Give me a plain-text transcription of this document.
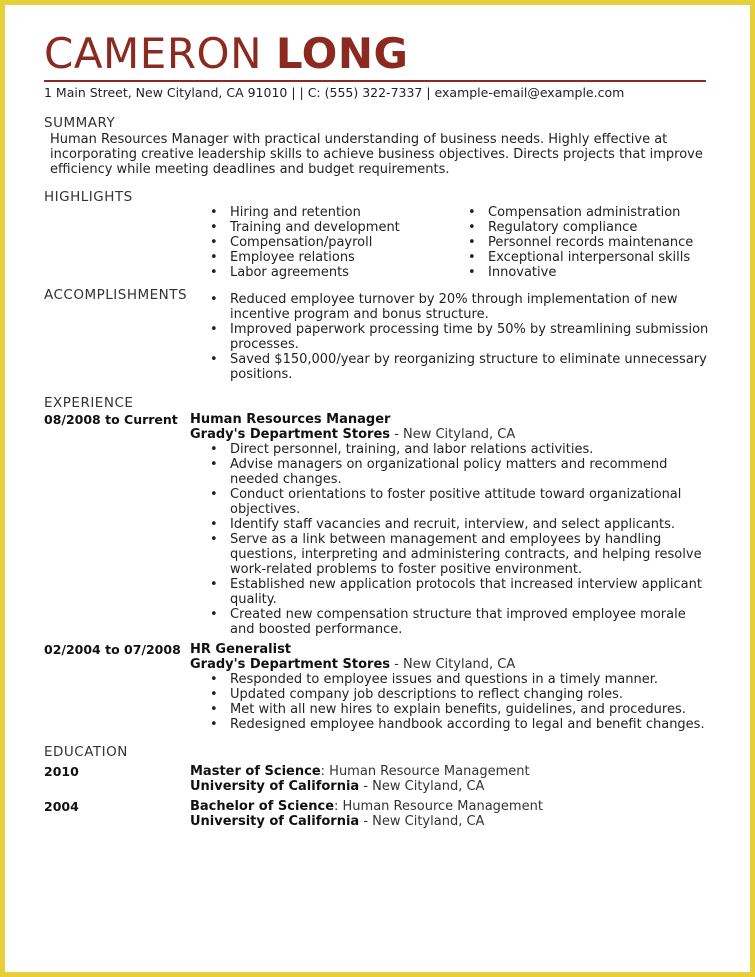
CAMERON LONG
1 Main Street, New Cityland, CA 91010 | | C: (555) 322-7337 | example-email@example.com
SUMMARY

Human Resources Manager with practical understanding of business needs. Highly effective at incorporating creative leadership skills to achieve business objectives. Directs projects that improve efficiency while meeting deadlines and budget requirements.

HIGHLIGHTS
• Hiring and retention
• Training and development
• Compensation/payroll
• Employee relations
• Labor agreements
• Compensation administration
• Regulatory compliance
• Personnel records maintenance
• Exceptional interpersonal skills
• Innovative
ACCOMPLISHMENTS
•	Reduced employee turnover by 20% through implementation of new incentive program and bonus structure.
• Improved paperwork processing time by 50% by streamlining submission processes.
• Saved $150,000/year by reorganizing structure to eliminate unnecessary positions.
EXPERIENCE
08/2008 to Current Human Resources Manager
Grady's Department Stores - New Cityland, CA
• Direct personnel, training, and labor relations activities.
• Advise managers on organizational policy matters and recommend needed changes.
• Conduct orientations to foster positive attitude toward organizational objectives.
• Identify staff vacancies and recruit, interview, and select applicants.
• Serve as a link between management and employees by handling questions, interpreting and administering contracts, and helping resolve work-related problems to foster positive environment.
• Established new application protocols that increased interview applicant quality.
• Created new compensation structure that improved employee morale and boosted performance.
02/2004 to 07/2008 HR Generalist
Grady's Department Stores - New Cityland, CA
• Responded to employee issues and questions in a timely manner.
• Updated company job descriptions to reflect changing roles.
• Met with all new hires to explain benefits, guidelines, and procedures.
• Redesigned employee handbook according to legal and benefit changes.
EDUCATION
2010	Master of Science: Human Resource Management
University of California - New Cityland, CA
2004	Bachelor of Science: Human Resource Management
University of California - New Cityland, CA
